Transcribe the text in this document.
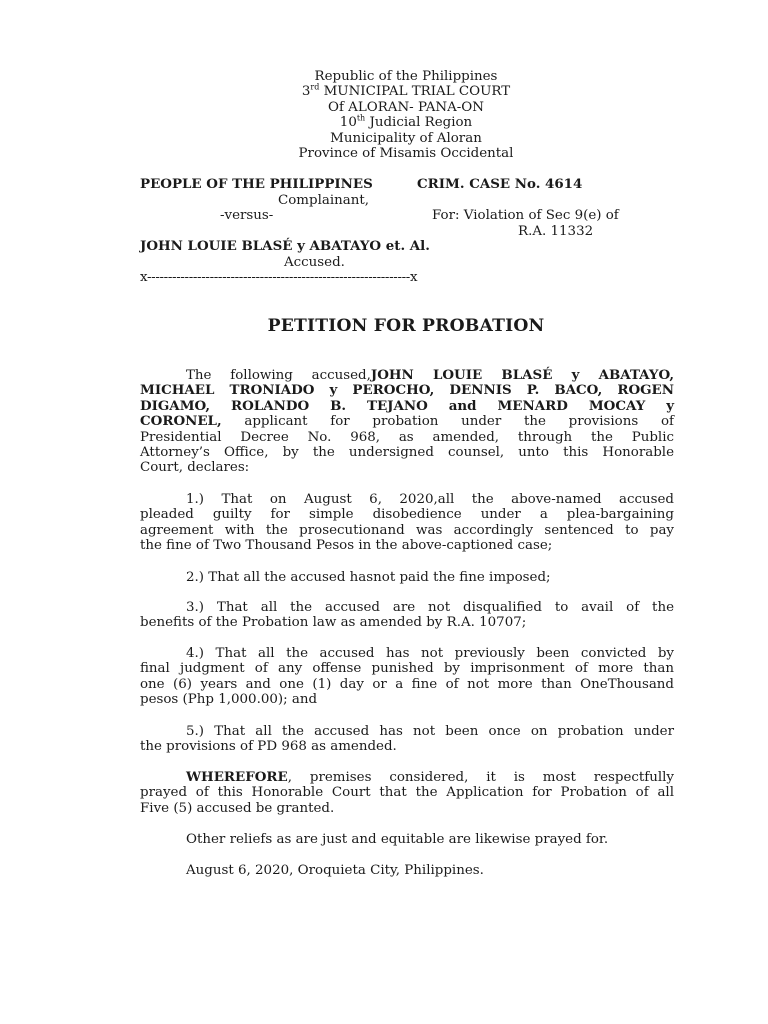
Republic of the Philippines
3rd MUNICIPAL TRIAL COURT
Of ALORAN- PANA-ON
10th Judicial Region
Municipality of Aloran
Province of Misamis Occidental
PEOPLE OF THE PHILIPPINES	CRIM. CASE No. 4614
Complainant,
-versus-	For: Violation of Sec 9(e) of
R.A. 11332
JOHN LOUIE BLASÉ y ABATAYO et. Al.
Accused.
x---------------------------------------------------------------x
PETITION FOR PROBATION
The following accused,JOHN LOUIE BLASÉ y ABATAYO,
MICHAEL TRONIADO y PEROCHO, DENNIS P. BACO, ROGEN
DIGAMO, ROLANDO B. TEJANO and MENARD MOCAY y
CORONEL, applicant for probation under the provisions of
Presidential Decree No. 968, as amended, through the Public
Attorney’s Office, by the undersigned counsel, unto this Honorable
Court, declares:
1.) That on August 6, 2020,all the above-named accused
pleaded guilty for simple disobedience under a plea-bargaining
agreement with the prosecutionand was accordingly sentenced to pay
the fine of Two Thousand Pesos in the above-captioned case;
2.) That all the accused hasnot paid the fine imposed;
3.) That all the accused are not disqualified to avail of the
benefits of the Probation law as amended by R.A. 10707;
4.) That all the accused has not previously been convicted by
final judgment of any offense punished by imprisonment of more than
one (6) years and one (1) day or a fine of not more than OneThousand
pesos (Php 1,000.00); and
5.) That all the accused has not been once on probation under
the provisions of PD 968 as amended.
WHEREFORE, premises considered, it is most respectfully
prayed of this Honorable Court that the Application for Probation of all
Five (5) accused be granted.
Other reliefs as are just and equitable are likewise prayed for.
August 6, 2020, Oroquieta City, Philippines.
